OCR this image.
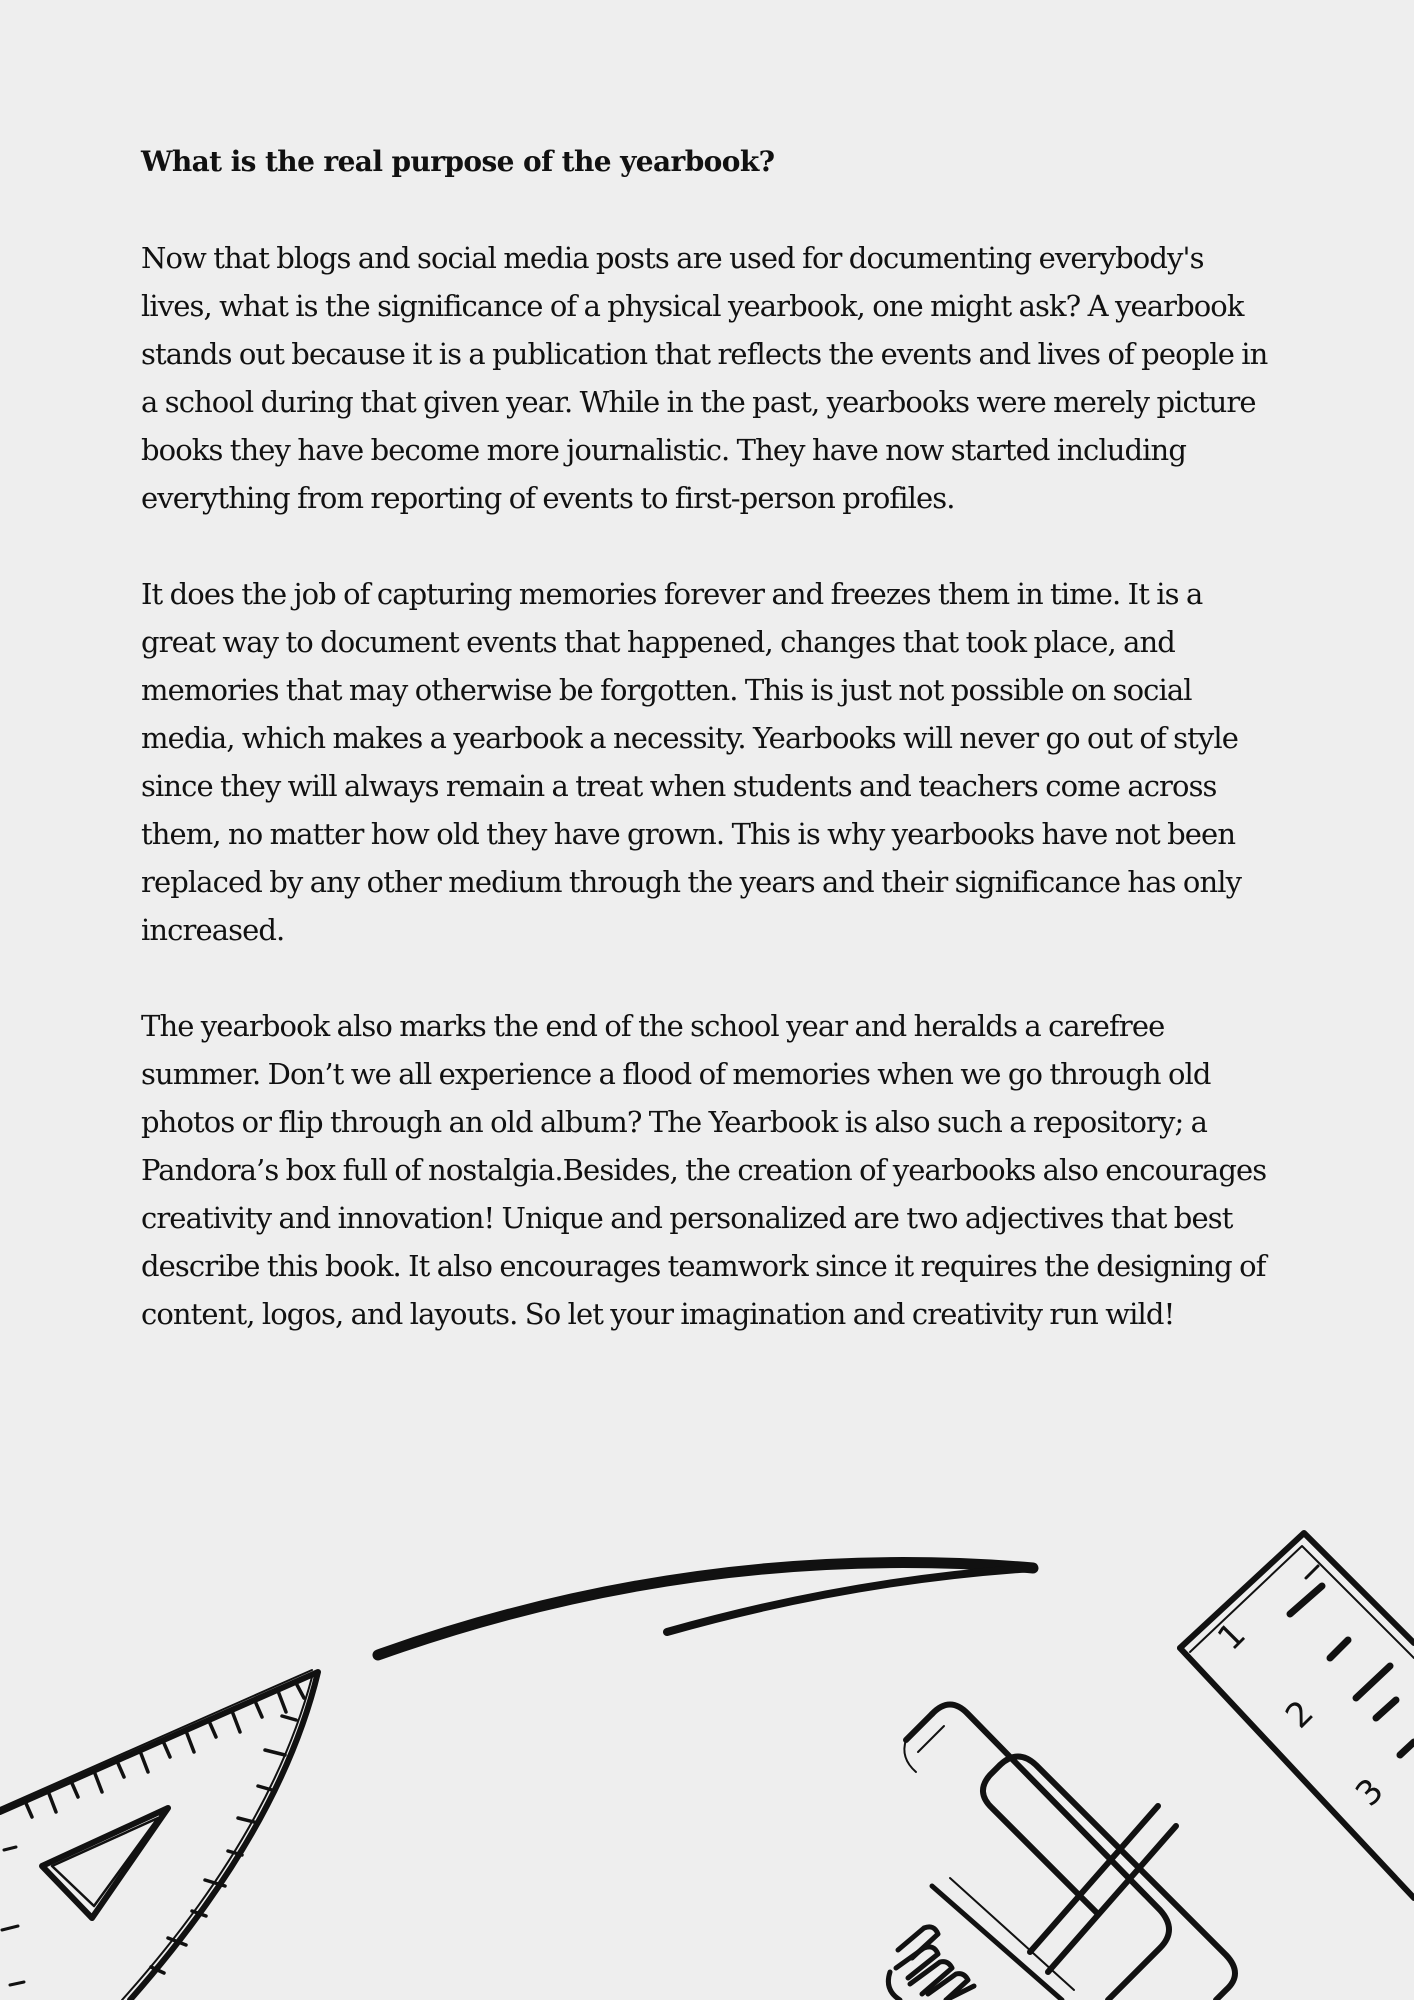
What is the real purpose of the yearbook?

Now that blogs and social media posts are used for documenting everybody's lives, what is the significance of a physical yearbook, one might ask? A yearbook stands out because it is a publication that reflects the events and lives of people in a school during that given year. While in the past, yearbooks were merely picture books they have become more journalistic. They have now started including everything from reporting of events to first-person profiles.

It does the job of capturing memories forever and freezes them in time. It is a great way to document events that happened, changes that took place, and memories that may otherwise be forgotten. This is just not possible on social media, which makes a yearbook a necessity. Yearbooks will never go out of style since they will always remain a treat when students and teachers come across them, no matter how old they have grown. This is why yearbooks have not been replaced by any other medium through the years and their significance has only increased.

The yearbook also marks the end of the school year and heralds a carefree summer. Don’t we all experience a flood of memories when we go through old photos or flip through an old album? The Yearbook is also such a repository; a Pandora’s box full of nostalgia.Besides, the creation of yearbooks also encourages creativity and innovation! Unique and personalized are two adjectives that best describe this book. It also encourages teamwork since it requires the designing of content, logos, and layouts. So let your imagination and creativity run wild!

1
2
3
